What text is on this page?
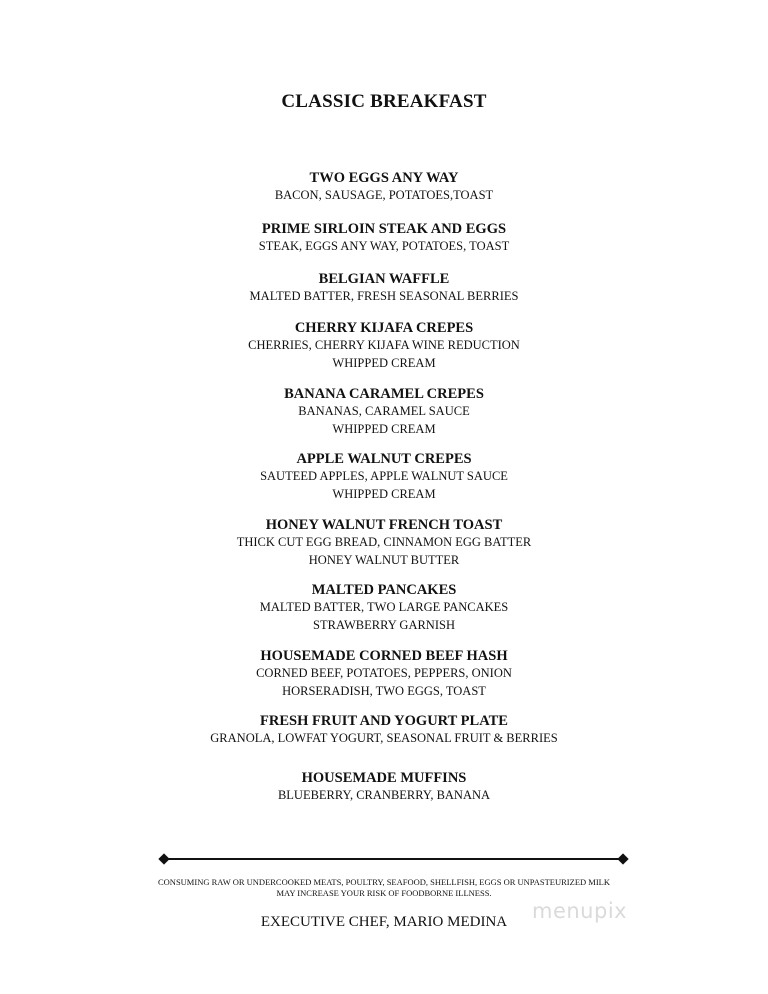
CLASSIC BREAKFAST
TWO EGGS ANY WAY
BACON, SAUSAGE, POTATOES,TOAST
PRIME SIRLOIN STEAK AND EGGS
STEAK, EGGS ANY WAY, POTATOES, TOAST
BELGIAN WAFFLE
MALTED BATTER, FRESH SEASONAL BERRIES
CHERRY KIJAFA CREPES
CHERRIES, CHERRY KIJAFA WINE REDUCTION
WHIPPED CREAM
BANANA CARAMEL CREPES
BANANAS, CARAMEL SAUCE
WHIPPED CREAM
APPLE WALNUT CREPES
SAUTEED APPLES, APPLE WALNUT SAUCE
WHIPPED CREAM
HONEY WALNUT FRENCH TOAST
THICK CUT EGG BREAD, CINNAMON EGG BATTER
HONEY WALNUT BUTTER
MALTED PANCAKES
MALTED BATTER, TWO LARGE PANCAKES
STRAWBERRY GARNISH
HOUSEMADE CORNED BEEF HASH
CORNED BEEF, POTATOES, PEPPERS, ONION
HORSERADISH, TWO EGGS, TOAST
FRESH FRUIT AND YOGURT PLATE
GRANOLA, LOWFAT YOGURT, SEASONAL FRUIT & BERRIES
HOUSEMADE MUFFINS
BLUEBERRY, CRANBERRY, BANANA
CONSUMING RAW OR UNDERCOOKED MEATS, POULTRY, SEAFOOD, SHELLFISH, EGGS OR UNPASTEURIZED MILK
MAY INCREASE YOUR RISK OF FOODBORNE ILLNESS.
EXECUTIVE CHEF, MARIO MEDINA	menupix
